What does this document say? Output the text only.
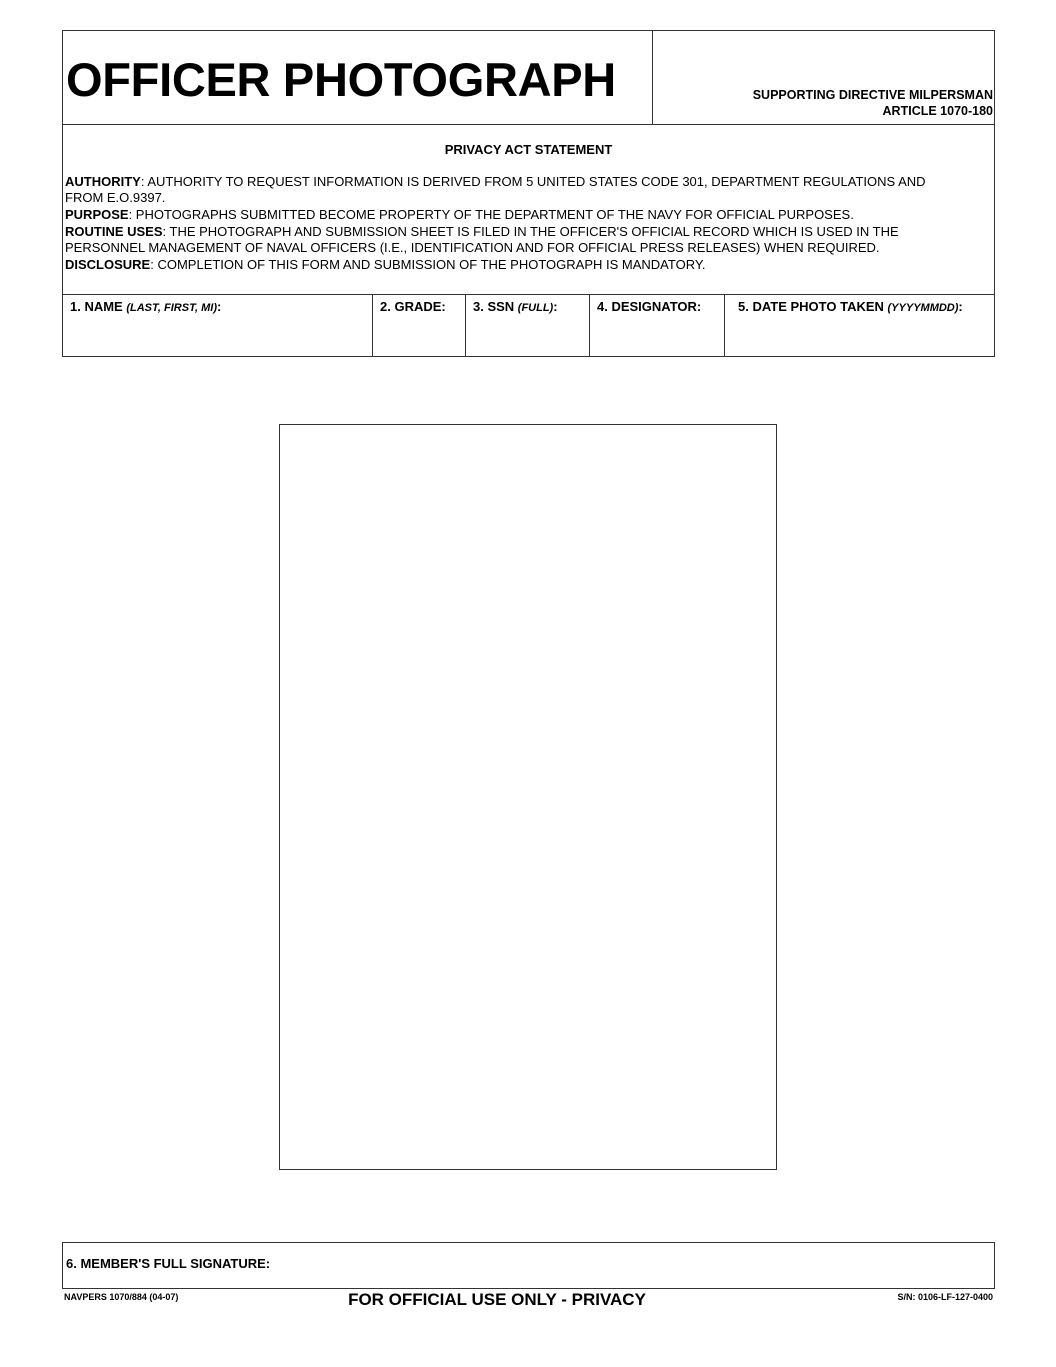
OFFICER PHOTOGRAPH	SUPPORTING DIRECTIVE MILPERSMAN
ARTICLE 1070-180
PRIVACY ACT STATEMENT
AUTHORITY: AUTHORITY TO REQUEST INFORMATION IS DERIVED FROM 5 UNITED STATES CODE 301, DEPARTMENT REGULATIONS AND
FROM E.O.9397.
PURPOSE: PHOTOGRAPHS SUBMITTED BECOME PROPERTY OF THE DEPARTMENT OF THE NAVY FOR OFFICIAL PURPOSES.
ROUTINE USES: THE PHOTOGRAPH AND SUBMISSION SHEET IS FILED IN THE OFFICER'S OFFICIAL RECORD WHICH IS USED IN THE
PERSONNEL MANAGEMENT OF NAVAL OFFICERS (I.E., IDENTIFICATION AND FOR OFFICIAL PRESS RELEASES) WHEN REQUIRED.
DISCLOSURE: COMPLETION OF THIS FORM AND SUBMISSION OF THE PHOTOGRAPH IS MANDATORY.
1. NAME (LAST, FIRST, MI):	2. GRADE: 3. SSN (FULL):	4. DESIGNATOR:	5. DATE PHOTO TAKEN (YYYYMMDD):
6. MEMBER'S FULL SIGNATURE:
NAVPERS 1070/884 (04-07)	FOR OFFICIAL USE ONLY - PRIVACY	S/N: 0106-LF-127-0400
